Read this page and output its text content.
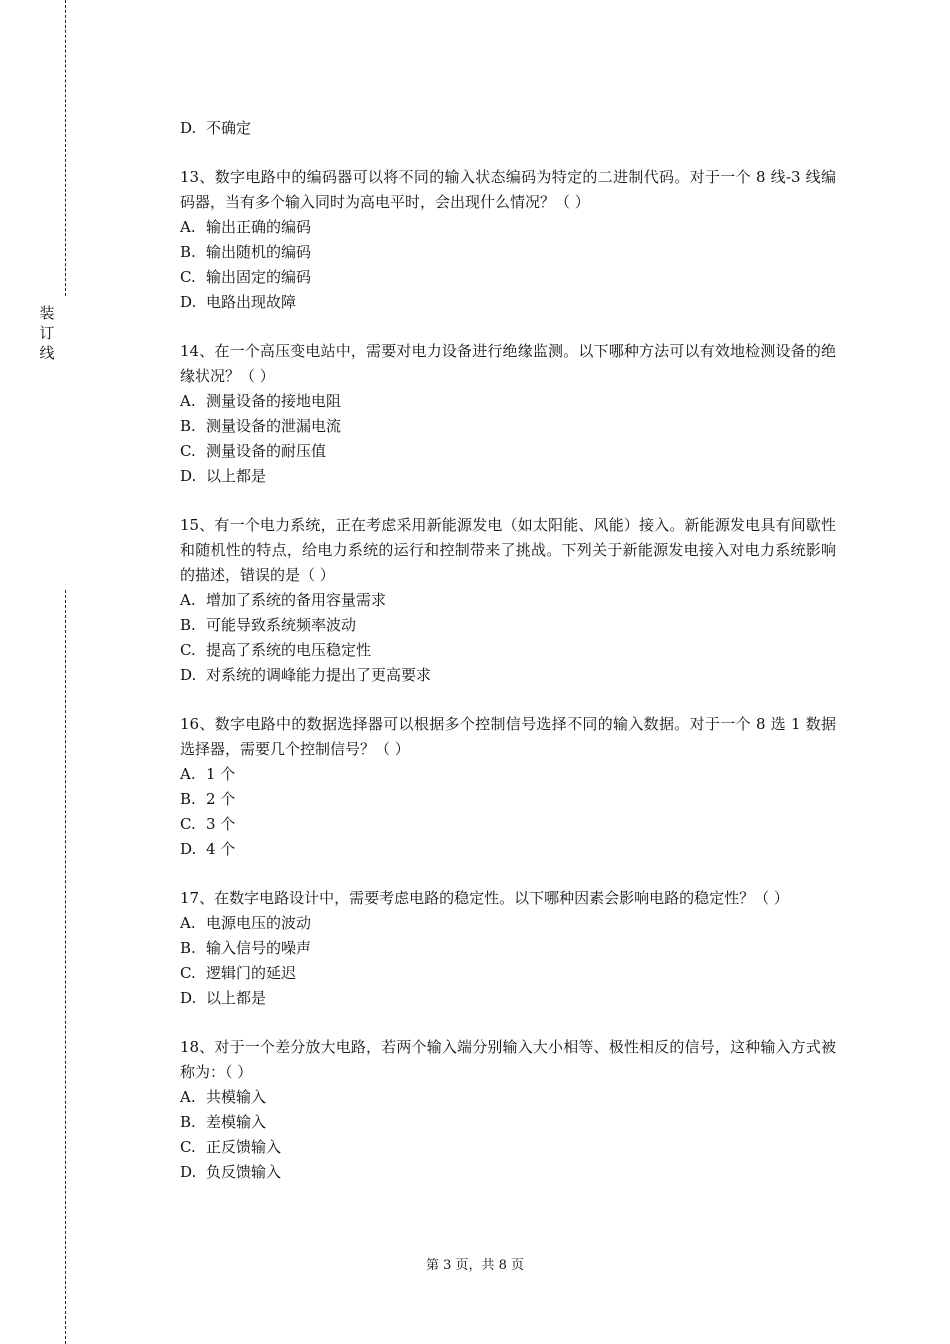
装
订
线

D. 不确定

13、数字电路中的编码器可以将不同的输入状态编码为特定的二进制代码。对于一个 8 线-3 线编码器，当有多个输入同时为高电平时，会出现什么情况？（ ）

A. 输出正确的编码

B. 输出随机的编码

C. 输出固定的编码

D. 电路出现故障

14、在一个高压变电站中，需要对电力设备进行绝缘监测。以下哪种方法可以有效地检测设备的绝缘状况？（ ）

A. 测量设备的接地电阻

B. 测量设备的泄漏电流

C. 测量设备的耐压值

D. 以上都是

15、有一个电力系统，正在考虑采用新能源发电（如太阳能、风能）接入。新能源发电具有间歇性和随机性的特点，给电力系统的运行和控制带来了挑战。下列关于新能源发电接入对电力系统影响的描述，错误的是（ ）

A. 增加了系统的备用容量需求

B. 可能导致系统频率波动

C. 提高了系统的电压稳定性

D. 对系统的调峰能力提出了更高要求

16、数字电路中的数据选择器可以根据多个控制信号选择不同的输入数据。对于一个 8 选 1 数据选择器，需要几个控制信号？（ ）

A. 1 个

B. 2 个

C. 3 个

D. 4 个

17、在数字电路设计中，需要考虑电路的稳定性。以下哪种因素会影响电路的稳定性？（ ）

A. 电源电压的波动

B. 输入信号的噪声

C. 逻辑门的延迟

D. 以上都是

18、对于一个差分放大电路，若两个输入端分别输入大小相等、极性相反的信号，这种输入方式被称为：（ ）

A. 共模输入

B. 差模输入

C. 正反馈输入

D. 负反馈输入

第 3 页，共 8 页
